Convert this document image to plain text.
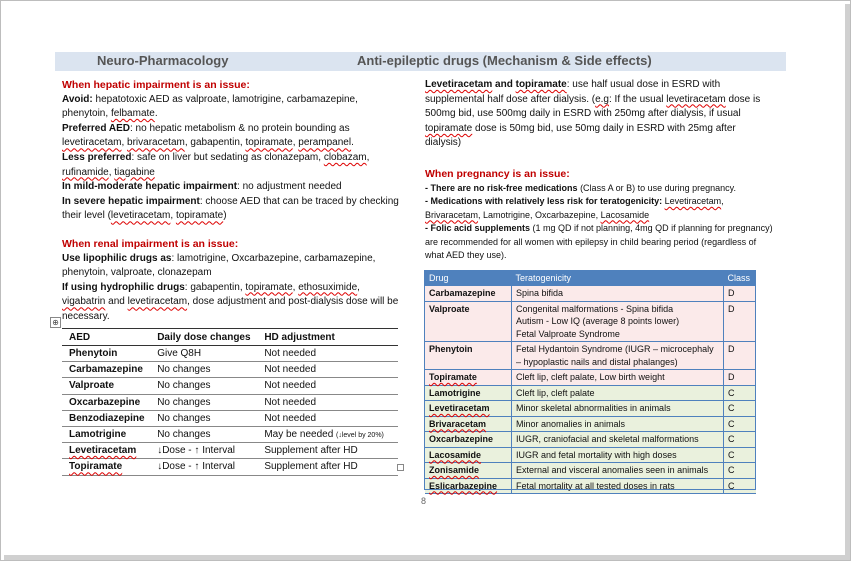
Neuro-Pharmacology	Anti-epileptic drugs (Mechanism & Side effects)

When hepatic impairment is an issue:

Avoid: hepatotoxic AED as valproate, lamotrigine, carbamazepine, phenytoin, felbamate.

Preferred AED: no hepatic metabolism & no protein bounding as levetiracetam, brivaracetam, gabapentin, topiramate, perampanel.

Less preferred: safe on liver but sedating as clonazepam, clobazam, rufinamide, tiagabine

In mild-moderate hepatic impairment: no adjustment needed

In severe hepatic impairment: choose AED that can be traced by checking their level (levetiracetam, topiramate)

When renal impairment is an issue:

Use lipophilic drugs as: lamotrigine, Oxcarbazepine, carbamazepine, phenytoin, valproate, clonazepam

If using hydrophilic drugs: gabapentin, topiramate, ethosuximide, vigabatrin and levetiracetam, dose adjustment and post-dialysis dose will be necessary.

⊕
AED	Daily dose changes	HD adjustment
Phenytoin	Give Q8H	Not needed
Carbamazepine	No changes	Not needed
Valproate	No changes	Not needed
Oxcarbazepine	No changes	Not needed
Benzodiazepine	No changes	Not needed
Lamotrigine	No changes	May be needed (↓level by 20%)
Levetiracetam	↓Dose - ↑ Interval	Supplement after HD
Topiramate	↓Dose - ↑ Interval	Supplement after HD

Levetiracetam and topiramate: use half usual dose in ESRD with supplemental half dose after dialysis. (e.g: If the usual levetiracetam dose is 500mg bid, use 500mg daily in ESRD with 250mg after dialysis, if usual topiramate dose is 50mg bid, use 50mg daily in ESRD with 25mg after dialysis)

When pregnancy is an issue:

- There are no risk-free medications (Class A or B) to use during pregnancy.

- Medications with relatively less risk for teratogenicity: Levetiracetam, Brivaracetam, Lamotrigine, Oxcarbazepine, Lacosamide

- Folic acid supplements (1 mg QD if not planning, 4mg QD if planning for pregnancy) are recommended for all women with epilepsy in child bearing period (regardless of what AED they use).

Drug	Teratogenicity	Class
Carbamazepine	Spina bifida	D
Valproate	Congenital malformations - Spina bifida
Autism - Low IQ (average 8 points lower)
Fetal Valproate Syndrome	D
Phenytoin	Fetal Hydantoin Syndrome (IUGR – microcephaly – hypoplastic nails and distal phalanges)	D
Topiramate	Cleft lip, cleft palate, Low birth weight	D
Lamotrigine	Cleft lip, cleft palate	C
Levetiracetam	Minor skeletal abnormalities in animals	C
Brivaracetam	Minor anomalies in animals	C
Oxcarbazepine	IUGR, craniofacial and skeletal malformations	C
Lacosamide	IUGR and fetal mortality with high doses	C
Zonisamide	External and visceral anomalies seen in animals	C
Eslicarbazepine	Fetal mortality at all tested doses in rats	C
8
